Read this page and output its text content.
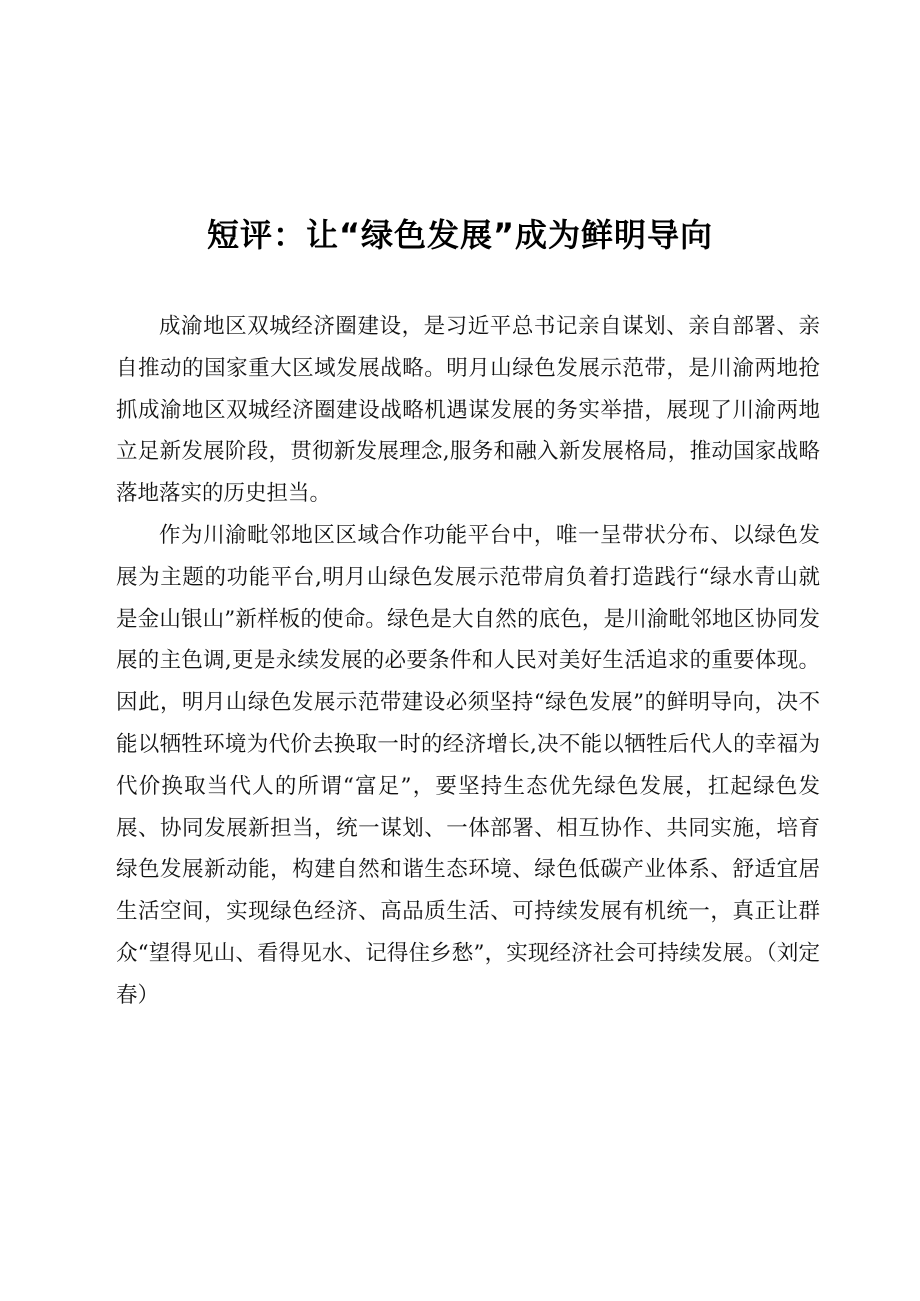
短评：让“绿色发展”成为鲜明导向

成渝地区双城经济圈建设，是习近平总书记亲自谋划、亲自部署、亲自推动的国家重大区域发展战略。明月山绿色发展示范带，是川渝两地抢抓成渝地区双城经济圈建设战略机遇谋发展的务实举措，展现了川渝两地立足新发展阶段，贯彻新发展理念,服务和融入新发展格局，推动国家战略落地落实的历史担当。

作为川渝毗邻地区区域合作功能平台中，唯一呈带状分布、以绿色发展为主题的功能平台,明月山绿色发展示范带肩负着打造践行“绿水青山就是金山银山”新样板的使命。绿色是大自然的底色，是川渝毗邻地区协同发展的主色调,更是永续发展的必要条件和人民对美好生活追求的重要体现。因此，明月山绿色发展示范带建设必须坚持“绿色发展”的鲜明导向，决不能以牺牲环境为代价去换取一时的经济增长,决不能以牺牲后代人的幸福为代价换取当代人的所谓“富足”，要坚持生态优先绿色发展，扛起绿色发展、协同发展新担当，统一谋划、一体部署、相互协作、共同实施，培育绿色发展新动能，构建自然和谐生态环境、绿色低碳产业体系、舒适宜居生活空间，实现绿色经济、高品质生活、可持续发展有机统一，真正让群众“望得见山、看得见水、记得住乡愁”，实现经济社会可持续发展。（刘定春）
